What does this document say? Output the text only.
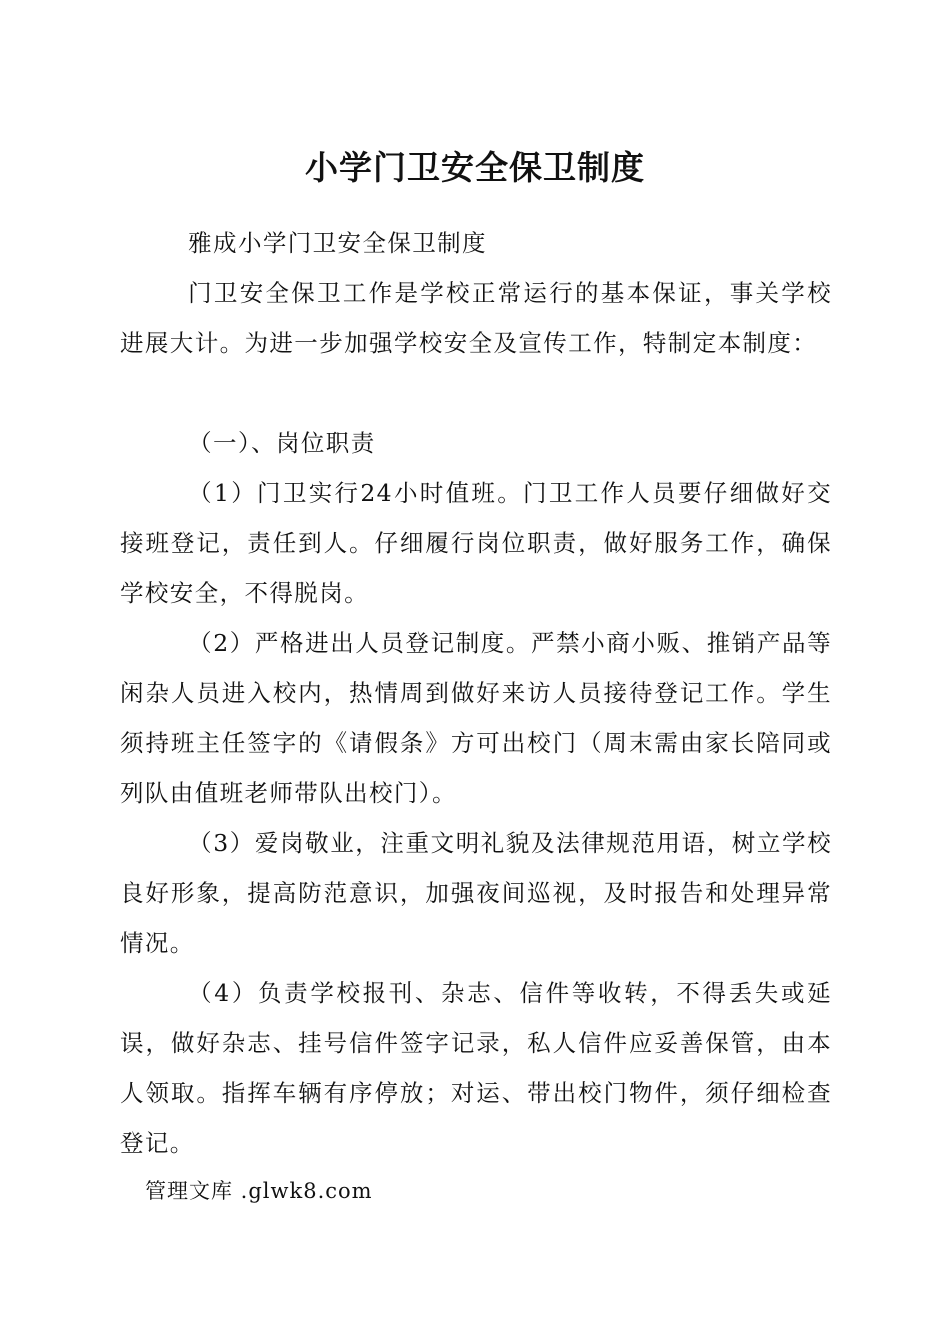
小学门卫安全保卫制度

雅成小学门卫安全保卫制度

门卫安全保卫工作是学校正常运行的基本保证，事关学校进展大计。为进一步加强学校安全及宣传工作，特制定本制度：

（一）、岗位职责

（1）门卫实行24小时值班。门卫工作人员要仔细做好交接班登记，责任到人。仔细履行岗位职责，做好服务工作，确保学校安全，不得脱岗。

（2）严格进出人员登记制度。严禁小商小贩、推销产品等闲杂人员进入校内，热情周到做好来访人员接待登记工作。学生须持班主任签字的《请假条》方可出校门（周末需由家长陪同或列队由值班老师带队出校门）。

（3）爱岗敬业，注重文明礼貌及法律规范用语，树立学校良好形象，提高防范意识，加强夜间巡视，及时报告和处理异常情况。

（4）负责学校报刊、杂志、信件等收转，不得丢失或延误，做好杂志、挂号信件签字记录，私人信件应妥善保管，由本人领取。指挥车辆有序停放；对运、带出校门物件，须仔细检查登记。

管理文库 .glwk8.com
